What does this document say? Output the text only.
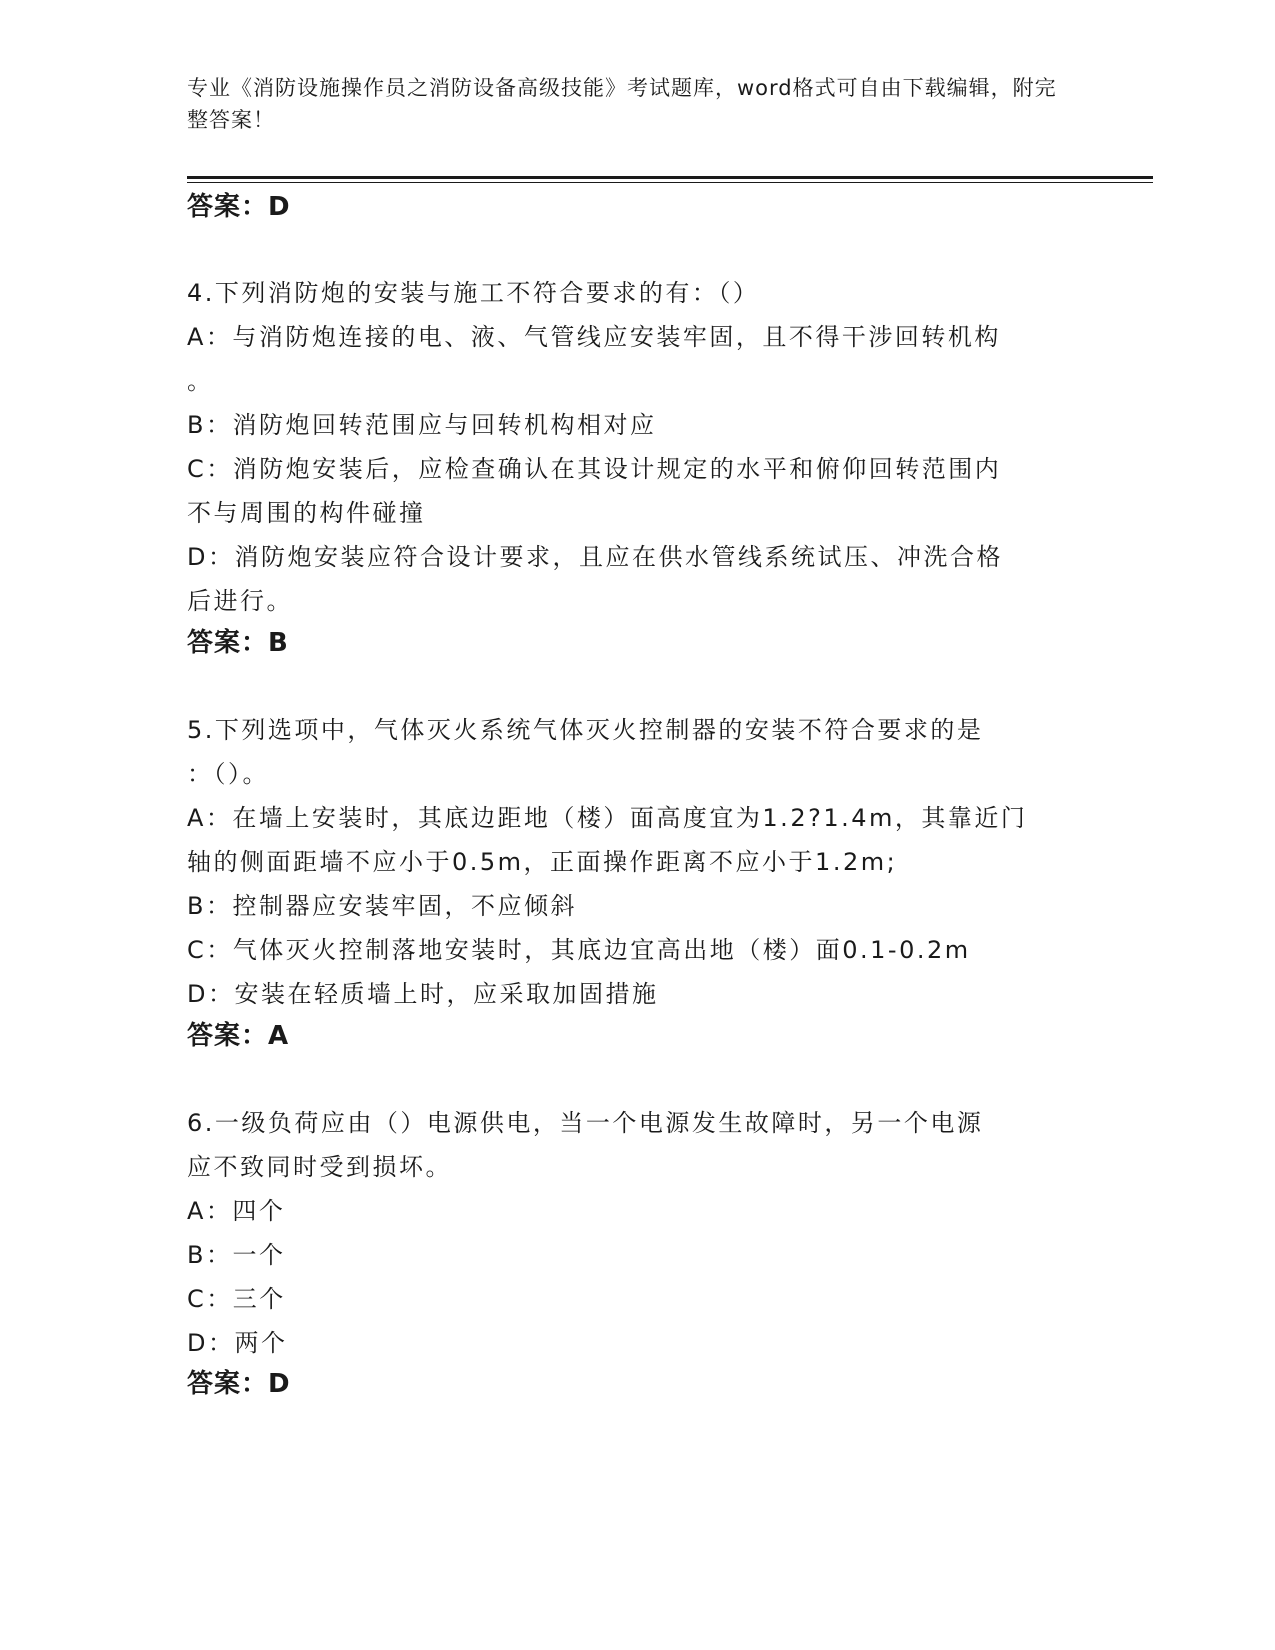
专业《消防设施操作员之消防设备高级技能》考试题库，word格式可自由下载编辑，附完整答案！
答案：D
4.下列消防炮的安装与施工不符合要求的有：（）
A：与消防炮连接的电、液、气管线应安装牢固，且不得干涉回转机构
。
B：消防炮回转范围应与回转机构相对应
C：消防炮安装后，应检查确认在其设计规定的水平和俯仰回转范围内
不与周围的构件碰撞
D：消防炮安装应符合设计要求，且应在供水管线系统试压、冲洗合格
后进行。
答案：B
5.下列选项中，气体灭火系统气体灭火控制器的安装不符合要求的是
：（）。
A：在墙上安装时，其底边距地（楼）面高度宜为1.2?1.4m，其靠近门
轴的侧面距墙不应小于0.5m，正面操作距离不应小于1.2m;
B：控制器应安装牢固，不应倾斜
C：气体灭火控制落地安装时，其底边宜高出地（楼）面0.1-0.2m
D：安装在轻质墙上时，应采取加固措施
答案：A
6.一级负荷应由（）电源供电，当一个电源发生故障时，另一个电源
应不致同时受到损坏。
A：四个
B：一个
C：三个
D：两个
答案：D
